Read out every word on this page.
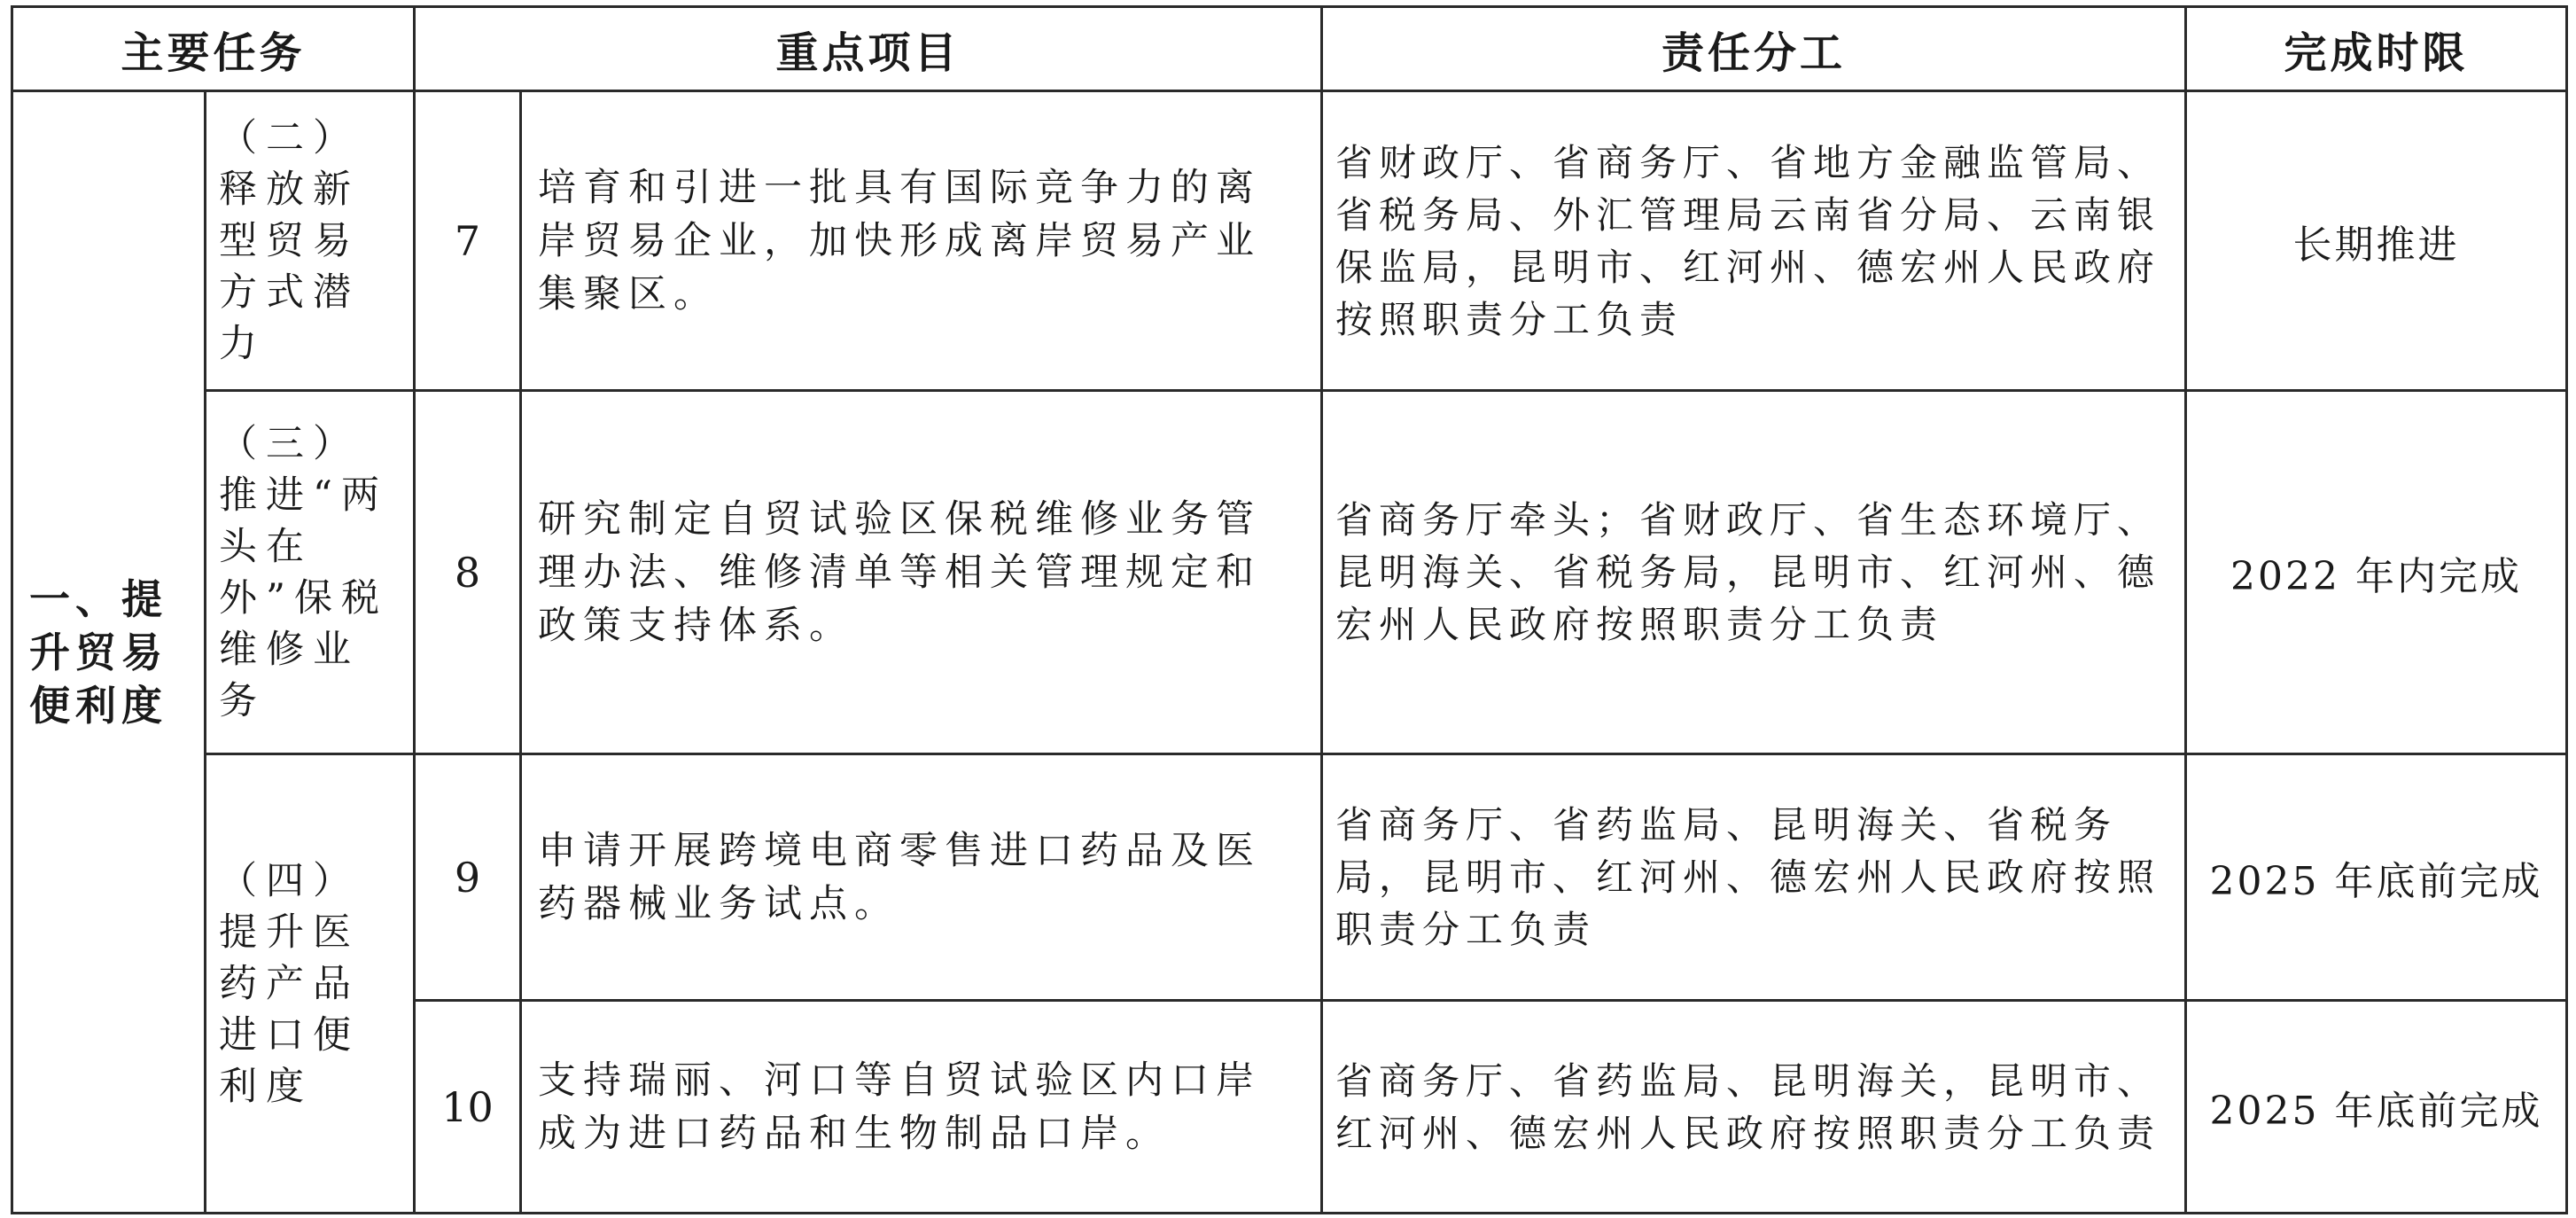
主要任务		重点项目		责任分工	完成时限
一、提升贸易便利度	（二）释放新型贸易方式潜力	7	培育和引进一批具有国际竞争力的离岸贸易企业，加快形成离岸贸易产业集聚区。	省财政厅、省商务厅、省地方金融监管局、省税务局、外汇管理局云南省分局、云南银保监局，昆明市、红河州、德宏州人民政府按照职责分工负责	长期推进
	（三）推进“两头在外”保税维修业务	8	研究制定自贸试验区保税维修业务管理办法、维修清单等相关管理规定和政策支持体系。	省商务厅牵头；省财政厅、省生态环境厅、昆明海关、省税务局，昆明市、红河州、德宏州人民政府按照职责分工负责	2022 年内完成
	（四）提升医药产品进口便利度	9	申请开展跨境电商零售进口药品及医药器械业务试点。	省商务厅、省药监局、昆明海关、省税务局，昆明市、红河州、德宏州人民政府按照职责分工负责	2025 年底前完成
		10	支持瑞丽、河口等自贸试验区内口岸成为进口药品和生物制品口岸。	省商务厅、省药监局、昆明海关，昆明市、红河州、德宏州人民政府按照职责分工负责	2025 年底前完成
